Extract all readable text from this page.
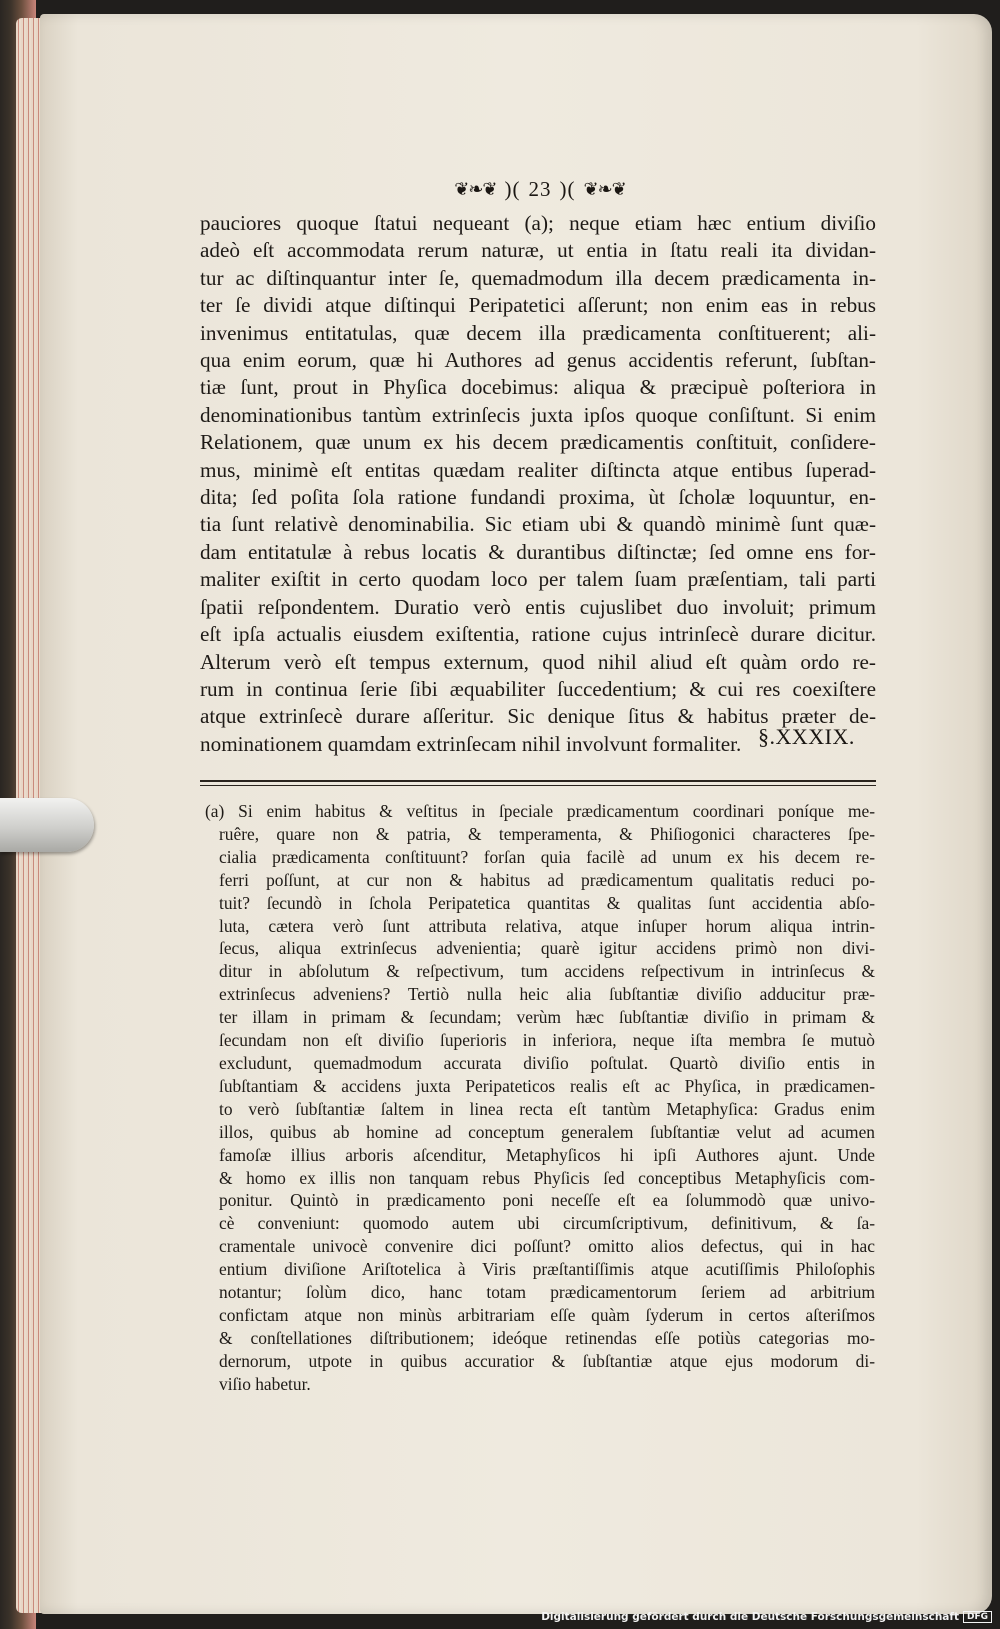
❦❧❦ )( 23 )( ❦❧❦
pauciores quoque ſtatui nequeant (a); neque etiam hæc entium diviſio
adeò eſt accommodata rerum naturæ, ut entia in ſtatu reali ita dividan-
tur ac diſtinquantur inter ſe, quemadmodum illa decem prædicamenta in-
ter ſe dividi atque diſtinqui Peripatetici aſſerunt; non enim eas in rebus
invenimus entitatulas, quæ decem illa prædicamenta conſtituerent; ali-
qua enim eorum, quæ hi Authores ad genus accidentis referunt, ſubſtan-
tiæ ſunt, prout in Phyſica docebimus: aliqua & præcipuè poſteriora in
denominationibus tantùm extrinſecis juxta ipſos quoque conſiſtunt. Si enim
Relationem, quæ unum ex his decem prædicamentis conſtituit, conſidere-
mus, minimè eſt entitas quædam realiter diſtincta atque entibus ſuperad-
dita; ſed poſita ſola ratione fundandi proxima, ùt ſcholæ loquuntur, en-
tia ſunt relativè denominabilia. Sic etiam ubi & quandò minimè ſunt quæ-
dam entitatulæ à rebus locatis & durantibus diſtinctæ; ſed omne ens for-
maliter exiſtit in certo quodam loco per talem ſuam præſentiam, tali parti
ſpatii reſpondentem. Duratio verò entis cujuslibet duo involuit; primum
eſt ipſa actualis eiusdem exiſtentia, ratione cujus intrinſecè durare dicitur.
Alterum verò eſt tempus externum, quod nihil aliud eſt quàm ordo re-
rum in continua ſerie ſibi æquabiliter ſuccedentium; & cui res coexiſtere
atque extrinſecè durare aſſeritur. Sic denique ſitus & habitus præter de-
nominationem quamdam extrinſecam nihil involvunt formaliter. §.XXXIX.
(a) Si enim habitus & veſtitus in ſpeciale prædicamentum coordinari poníque me-
ruêre, quare non & patria, & temperamenta, & Phiſiogonici characteres ſpe-
cialia prædicamenta conſtituunt? forſan quia facilè ad unum ex his decem re-
ferri poſſunt, at cur non & habitus ad prædicamentum qualitatis reduci po-
tuit? ſecundò in ſchola Peripatetica quantitas & qualitas ſunt accidentia abſo-
luta, cætera verò ſunt attributa relativa, atque inſuper horum aliqua intrin-
ſecus, aliqua extrinſecus advenientia; quarè igitur accidens primò non divi-
ditur in abſolutum & reſpectivum, tum accidens reſpectivum in intrinſecus &
extrinſecus adveniens? Tertiò nulla heic alia ſubſtantiæ diviſio adducitur præ-
ter illam in primam & ſecundam; verùm hæc ſubſtantiæ diviſio in primam &
ſecundam non eſt diviſio ſuperioris in inferiora, neque iſta membra ſe mutuò
excludunt, quemadmodum accurata diviſio poſtulat. Quartò diviſio entis in
ſubſtantiam & accidens juxta Peripateticos realis eſt ac Phyſica, in prædicamen-
to verò ſubſtantiæ ſaltem in linea recta eſt tantùm Metaphyſica: Gradus enim
illos, quibus ab homine ad conceptum generalem ſubſtantiæ velut ad acumen
famoſæ illius arboris aſcenditur, Metaphyſicos hi ipſi Authores ajunt. Unde
& homo ex illis non tanquam rebus Phyſicis ſed conceptibus Metaphyſicis com-
ponitur. Quintò in prædicamento poni neceſſe eſt ea ſolummodò quæ univo-
cè conveniunt: quomodo autem ubi circumſcriptivum, definitivum, & ſa-
cramentale univocè convenire dici poſſunt? omitto alios defectus, qui in hac
entium diviſione Ariſtotelica à Viris præſtantiſſimis atque acutiſſimis Philoſophis
notantur; ſolùm dico, hanc totam prædicamentorum ſeriem ad arbitrium
confictam atque non minùs arbitrariam eſſe quàm ſyderum in certos aſteriſmos
& conſtellationes diſtributionem; ideóque retinendas eſſe potiùs categorias mo-
dernorum, utpote in quibus accuratior & ſubſtantiæ atque ejus modorum di-
viſio habetur.
Digitalisierung gefördert durch die Deutsche Forschungsgemeinschaft DFG
